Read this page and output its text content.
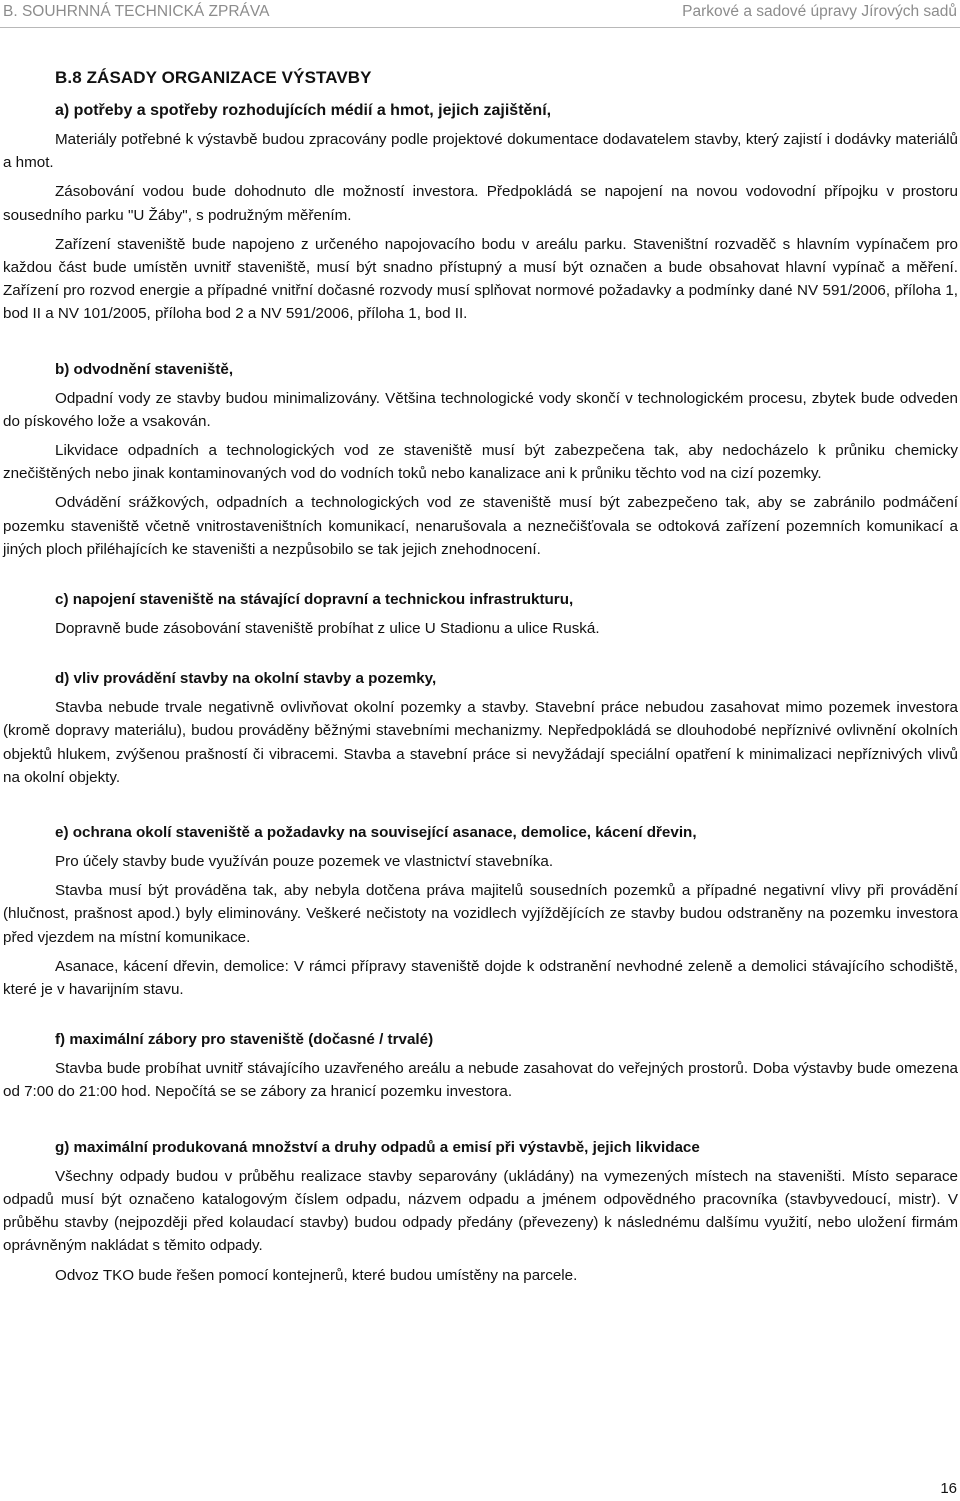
B. SOUHRNNÁ TECHNICKÁ ZPRÁVA	Parkové a sadové úpravy Jírových sadů
B.8 ZÁSADY ORGANIZACE VÝSTAVBY
a) potřeby a spotřeby rozhodujících médií a hmot, jejich zajištění,

Materiály potřebné k výstavbě budou zpracovány podle projektové dokumentace dodavatelem stavby, který zajistí i dodávky materiálů a hmot.

Zásobování vodou bude dohodnuto dle možností investora. Předpokládá se napojení na novou vodovodní přípojku v prostoru sousedního parku "U Žáby", s podružným měřením.

Zařízení staveniště bude napojeno z určeného napojovacího bodu v areálu parku. Staveništní rozvaděč s hlavním vypínačem pro každou část bude umístěn uvnitř staveniště, musí být snadno přístupný a musí být označen a bude obsahovat hlavní vypínač a měření. Zařízení pro rozvod energie a případné vnitřní dočasné rozvody musí splňovat normové požadavky a podmínky dané NV 591/2006, příloha 1, bod II a NV 101/2005, příloha bod 2 a NV 591/2006, příloha 1, bod II.

b) odvodnění staveniště,

Odpadní vody ze stavby budou minimalizovány. Většina technologické vody skončí v technologickém procesu, zbytek bude odveden do pískového lože a vsakován.

Likvidace odpadních a technologických vod ze staveniště musí být zabezpečena tak, aby nedocházelo k průniku chemicky znečištěných nebo jinak kontaminovaných vod do vodních toků nebo kanalizace ani k průniku těchto vod na cizí pozemky.

Odvádění srážkových, odpadních a technologických vod ze staveniště musí být zabezpečeno tak, aby se zabránilo podmáčení pozemku staveniště včetně vnitrostaveništních komunikací, nenarušovala a neznečišťovala se odtoková zařízení pozemních komunikací a jiných ploch přiléhajících ke staveništi a nezpůsobilo se tak jejich znehodnocení.

c) napojení staveniště na stávající dopravní a technickou infrastrukturu,

Dopravně bude zásobování staveniště probíhat z ulice U Stadionu a ulice Ruská.

d) vliv provádění stavby na okolní stavby a pozemky,

Stavba nebude trvale negativně ovlivňovat okolní pozemky a stavby. Stavební práce nebudou zasahovat mimo pozemek investora (kromě dopravy materiálu), budou prováděny běžnými stavebními mechanizmy. Nepředpokládá se dlouhodobé nepříznivé ovlivnění okolních objektů hlukem, zvýšenou prašností či vibracemi. Stavba a stavební práce si nevyžádají speciální opatření k minimalizaci nepříznivých vlivů na okolní objekty.

e) ochrana okolí staveniště a požadavky na související asanace, demolice, kácení dřevin,

Pro účely stavby bude využíván pouze pozemek ve vlastnictví stavebníka.

Stavba musí být prováděna tak, aby nebyla dotčena práva majitelů sousedních pozemků a případné negativní vlivy při provádění (hlučnost, prašnost apod.) byly eliminovány. Veškeré nečistoty na vozidlech vyjíždějících ze stavby budou odstraněny na pozemku investora před vjezdem na místní komunikace.

Asanace, kácení dřevin, demolice: V rámci přípravy staveniště dojde k odstranění nevhodné zeleně a demolici stávajícího schodiště, které je v havarijním stavu.

f) maximální zábory pro staveniště (dočasné / trvalé)

Stavba bude probíhat uvnitř stávajícího uzavřeného areálu a nebude zasahovat do veřejných prostorů. Doba výstavby bude omezena od 7:00 do 21:00 hod. Nepočítá se se zábory za hranicí pozemku investora.

g) maximální produkovaná množství a druhy odpadů a emisí při výstavbě, jejich likvidace

Všechny odpady budou v průběhu realizace stavby separovány (ukládány) na vymezených místech na staveništi. Místo separace odpadů musí být označeno katalogovým číslem odpadu, názvem odpadu a jménem odpovědného pracovníka (stavbyvedoucí, mistr). V průběhu stavby (nejpozději před kolaudací stavby) budou odpady předány (převezeny) k následnému dalšímu využití, nebo uložení firmám oprávněným nakládat s těmito odpady.

Odvoz TKO bude řešen pomocí kontejnerů, které budou umístěny na parcele.

16
